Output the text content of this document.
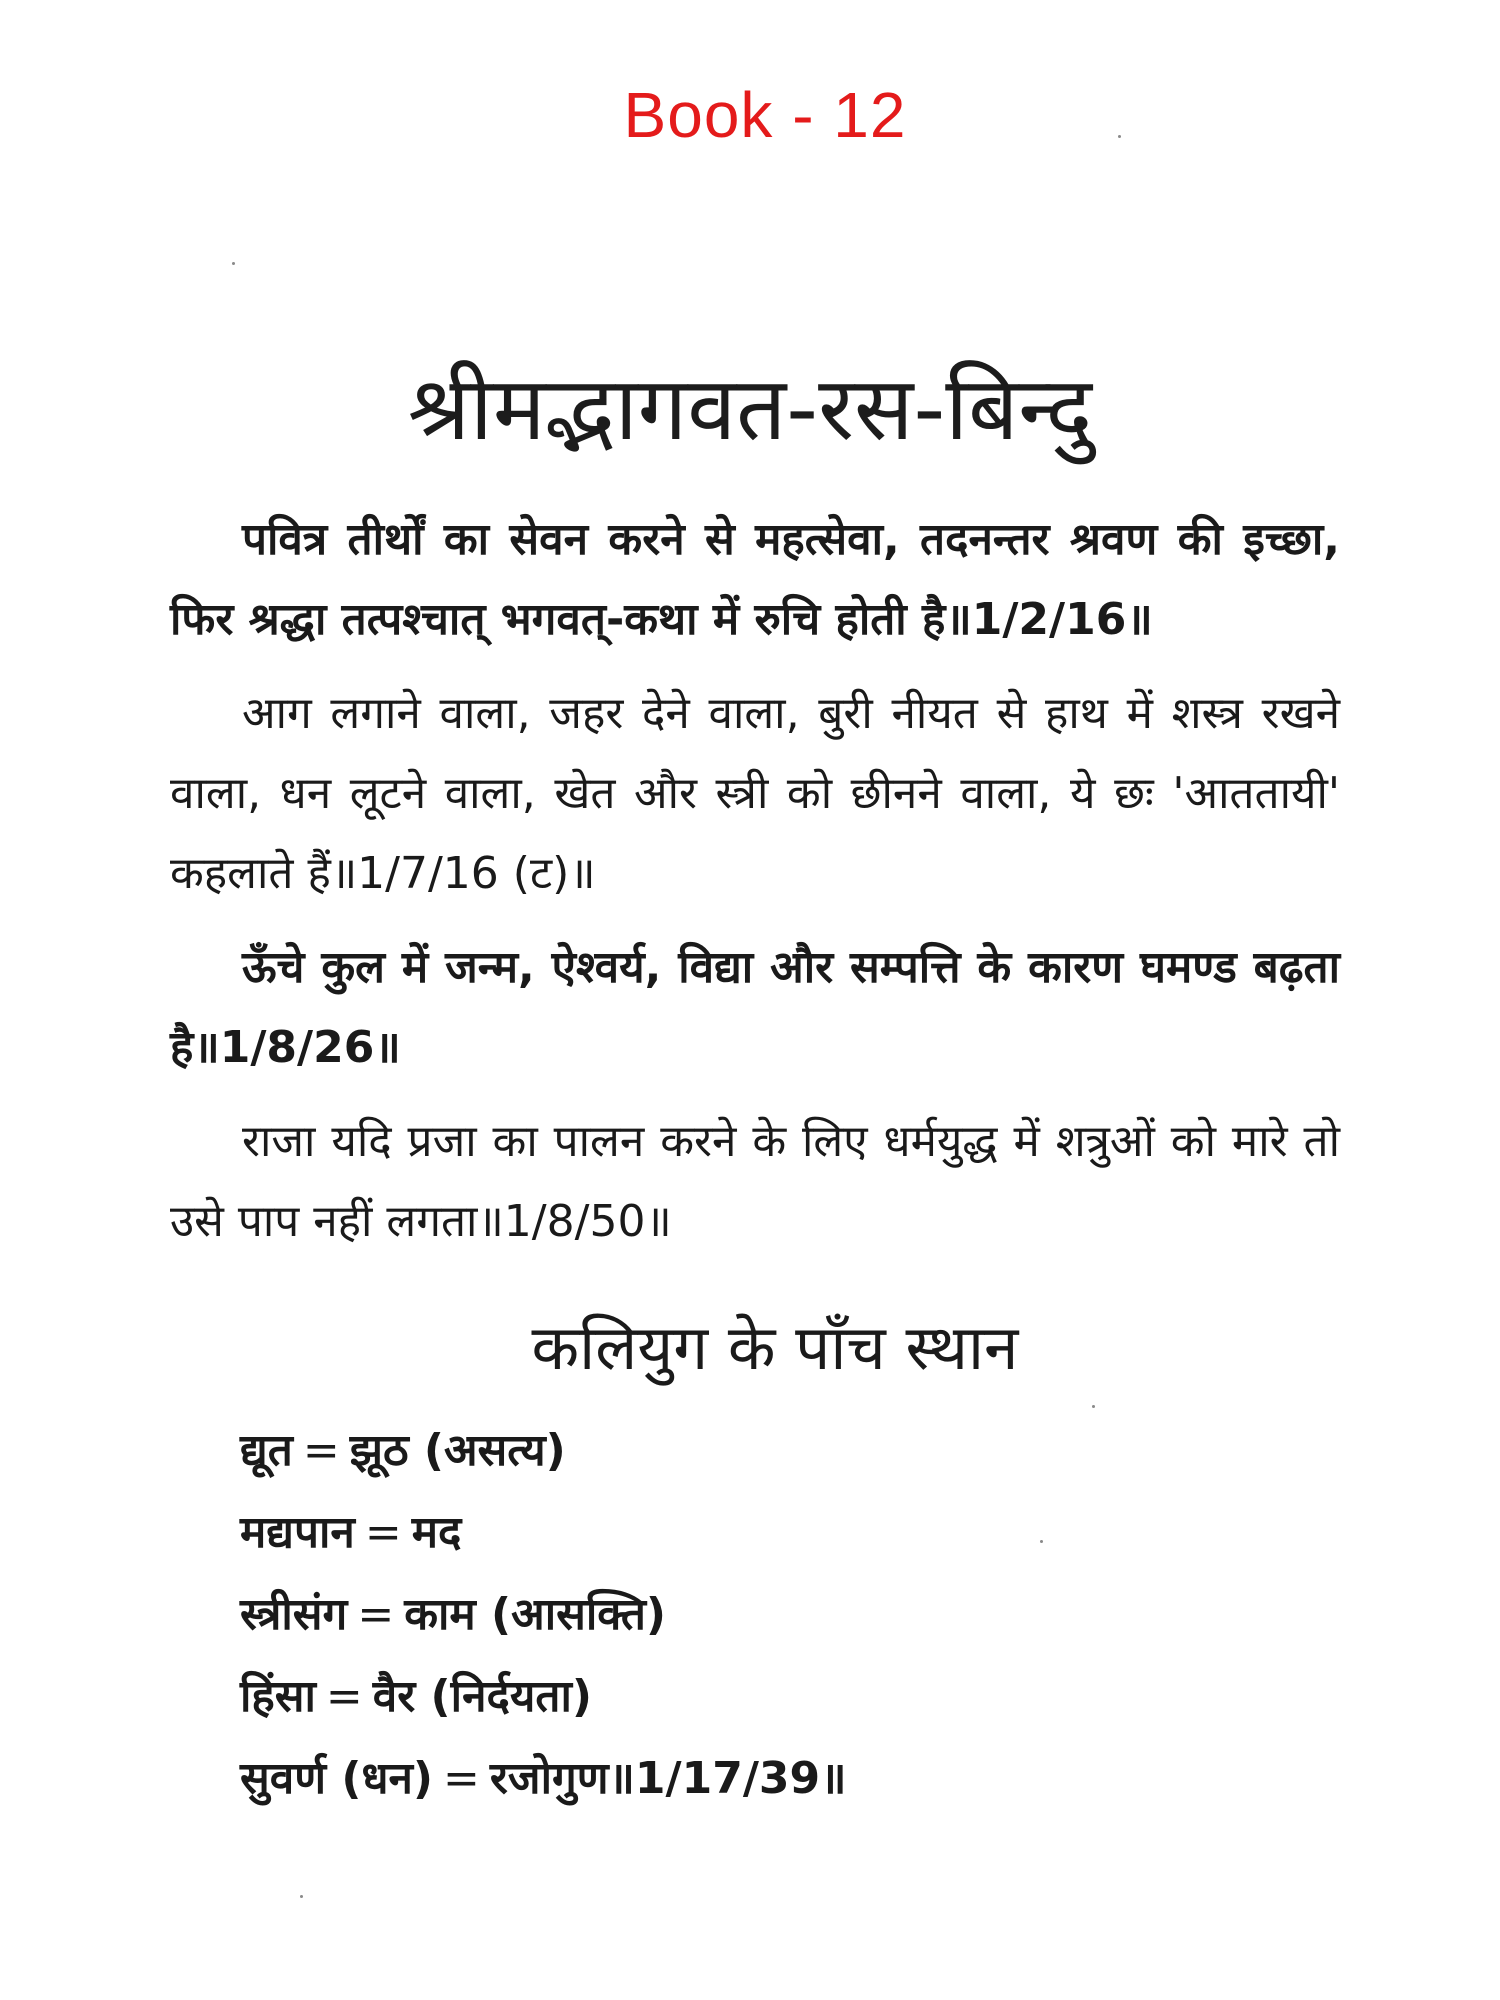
Book - 12
श्रीमद्भागवत-रस-बिन्दु

पवित्र तीर्थों का सेवन करने से महत्सेवा, तदनन्तर श्रवण की इच्छा, फिर श्रद्धा तत्पश्चात् भगवत्-कथा में रुचि होती है॥1/2/16॥

आग लगाने वाला, जहर देने वाला, बुरी नीयत से हाथ में शस्त्र रखने वाला, धन लूटने वाला, खेत और स्त्री को छीनने वाला, ये छः 'आततायी' कहलाते हैं॥1/7/16 (ट)॥

ऊँचे कुल में जन्म, ऐश्वर्य, विद्या और सम्पत्ति के कारण घमण्ड बढ़ता है॥1/8/26॥

राजा यदि प्रजा का पालन करने के लिए धर्मयुद्ध में शत्रुओं को मारे तो उसे पाप नहीं लगता॥1/8/50॥

कलियुग के पाँच स्थान
द्यूत = झूठ (असत्य)
मद्यपान = मद
स्त्रीसंग = काम (आसक्ति)
हिंसा = वैर (निर्दयता)
सुवर्ण (धन) = रजोगुण॥1/17/39॥
